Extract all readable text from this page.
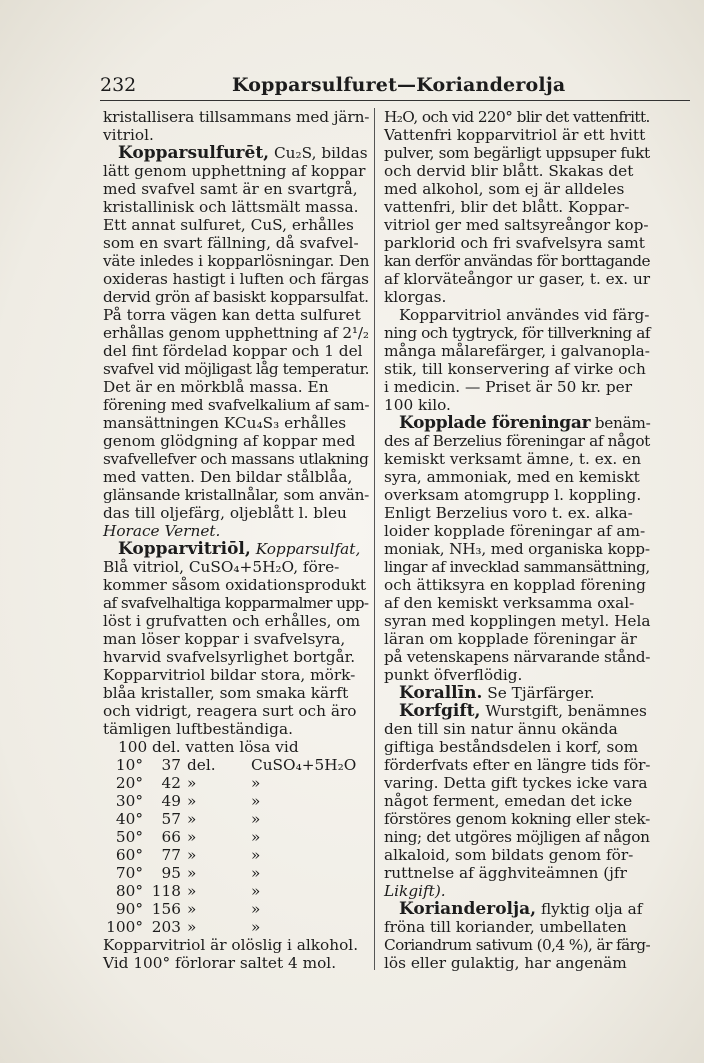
232	Kopparsulfuret—Korianderolja
kristallisera tillsammans med järn-
vitriol.
Kopparsulfurēt, Cu₂S, bildas
lätt genom upphettning af koppar
med svafvel samt är en svartgrå,
kristallinisk och lättsmält massa.
Ett annat sulfuret, CuS, erhålles
som en svart fällning, då svafvel-
väte inledes i kopparlösningar. Den
oxideras hastigt i luften och färgas
dervid grön af basiskt kopparsulfat.
På torra vägen kan detta sulfuret
erhållas genom upphettning af 2¹/₂
del fint fördelad koppar och 1 del
svafvel vid möjligast låg temperatur.
Det är en mörkblå massa. En
förening med svafvelkalium af sam-
mansättningen KCu₄S₃ erhålles
genom glödgning af koppar med
svafvellefver och massans utlakning
med vatten. Den bildar stålblåa,
glänsande kristallnålar, som använ-
das till oljefärg, oljeblått l. bleu
Horace Vernet.
Kopparvitriōl, Kopparsulfat,
Blå vitriol, CuSO₄+5H₂O, före-
kommer såsom oxidationsprodukt
af svafvelhaltiga kopparmalmer upp-
löst i grufvatten och erhålles, om
man löser koppar i svafvelsyra,
hvarvid svafvelsyrlighet bortgår.
Kopparvitriol bildar stora, mörk-
blåa kristaller, som smaka kärft
och vidrigt, reagera surt och äro
tämligen luftbeständiga.
100 del. vatten lösa vid
10°	37 del.	CuSO₄+5H₂O
20°	42 »	»
30°	49 »	»
40°	57 »	»
50°	66 »	»
60°	77 »	»
70°	95 »	»
80° 118 »	»
90° 156 »	»
100° 203 »	»
Kopparvitriol är olöslig i alkohol.
Vid 100° förlorar saltet 4 mol.
H₂O, och vid 220° blir det vattenfritt.
Vattenfri kopparvitriol är ett hvitt
pulver, som begärligt uppsuper fukt
och dervid blir blått. Skakas det
med alkohol, som ej är alldeles
vattenfri, blir det blått. Koppar-
vitriol ger med saltsyreångor kop-
parklorid och fri svafvelsyra samt
kan derför användas för borttagande
af klorväteångor ur gaser, t. ex. ur
klorgas.
Kopparvitriol användes vid färg-
ning och tygtryck, för tillverkning af
många målarefärger, i galvanopla-
stik, till konservering af virke och
i medicin. — Priset är 50 kr. per
100 kilo.
Kopplade föreningar benäm-
des af Berzelius föreningar af något
kemiskt verksamt ämne, t. ex. en
syra, ammoniak, med en kemiskt
overksam atomgrupp l. koppling.
Enligt Berzelius voro t. ex. alka-
loider kopplade föreningar af am-
moniak, NH₃, med organiska kopp-
lingar af invecklad sammansättning,
och ättiksyra en kopplad förening
af den kemiskt verksamma oxal-
syran med kopplingen metyl. Hela
läran om kopplade föreningar är
på vetenskapens närvarande stånd-
punkt öfverflödig.
Korallīn. Se Tjärfärger.
Korfgift, Wurstgift, benämnes
den till sin natur ännu okända
giftiga beståndsdelen i korf, som
förderfvats efter en längre tids för-
varing. Detta gift tyckes icke vara
något ferment, emedan det icke
förstöres genom kokning eller stek-
ning; det utgöres möjligen af någon
alkaloid, som bildats genom för-
ruttnelse af ägghviteämnen (jfr
Likgift).
Korianderolja, flyktig olja af
fröna till koriander, umbellaten
Coriandrum sativum (0,4 %), är färg-
lös eller gulaktig, har angenäm
